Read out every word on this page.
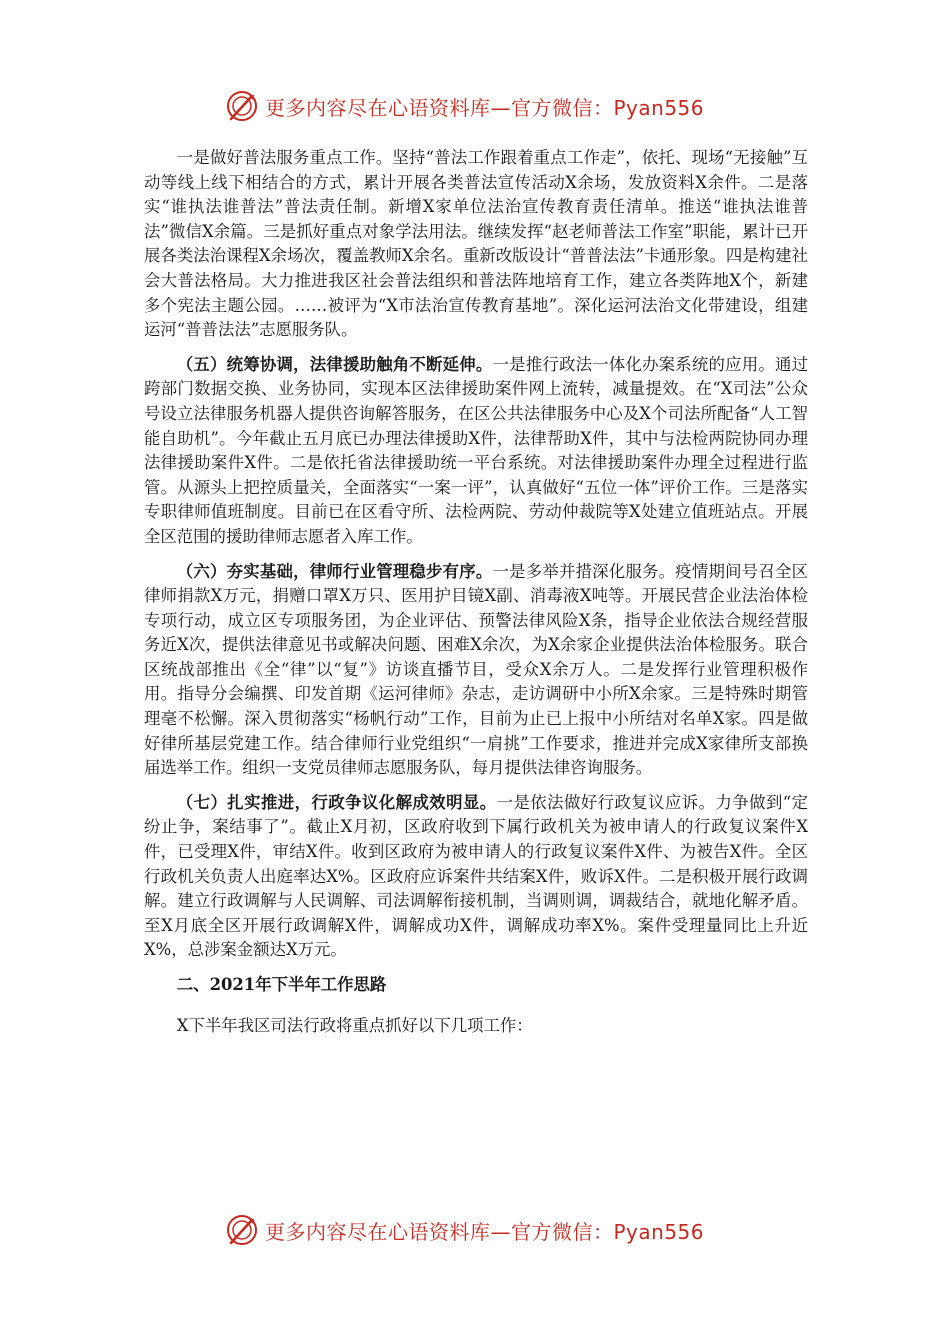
更多内容尽在心语资料库—官方微信：Pyan556

一是做好普法服务重点工作。坚持“普法工作跟着重点工作走”，依托、现场“无接触”互动等线上线下相结合的方式，累计开展各类普法宣传活动X余场，发放资料X余件。二是落实“谁执法谁普法”普法责任制。新增X家单位法治宣传教育责任清单。推送“谁执法谁普法”微信X余篇。三是抓好重点对象学法用法。继续发挥“赵老师普法工作室”职能，累计已开展各类法治课程X余场次，覆盖教师X余名。重新改版设计“普普法法”卡通形象。四是构建社会大普法格局。大力推进我区社会普法组织和普法阵地培育工作，建立各类阵地X个，新建多个宪法主题公园。……被评为“X市法治宣传教育基地”。深化运河法治文化带建设，组建运河“普普法法”志愿服务队。

（五）统筹协调，法律援助触角不断延伸。一是推行政法一体化办案系统的应用。通过跨部门数据交换、业务协同，实现本区法律援助案件网上流转，减量提效。在“X司法”公众号设立法律服务机器人提供咨询解答服务，在区公共法律服务中心及X个司法所配备“人工智能自助机”。今年截止五月底已办理法律援助X件，法律帮助X件，其中与法检两院协同办理法律援助案件X件。二是依托省法律援助统一平台系统。对法律援助案件办理全过程进行监管。从源头上把控质量关，全面落实“一案一评”，认真做好“五位一体”评价工作。三是落实专职律师值班制度。目前已在区看守所、法检两院、劳动仲裁院等X处建立值班站点。开展全区范围的援助律师志愿者入库工作。

（六）夯实基础，律师行业管理稳步有序。一是多举并措深化服务。疫情期间号召全区律师捐款X万元，捐赠口罩X万只、医用护目镜X副、消毒液X吨等。开展民营企业法治体检专项行动，成立区专项服务团，为企业评估、预警法律风险X条，指导企业依法合规经营服务近X次，提供法律意见书或解决问题、困难X余次，为X余家企业提供法治体检服务。联合区统战部推出《全“律”以“复”》访谈直播节目，受众X余万人。二是发挥行业管理积极作用。指导分会编撰、印发首期《运河律师》杂志，走访调研中小所X余家。三是特殊时期管理毫不松懈。深入贯彻落实“杨帆行动”工作，目前为止已上报中小所结对名单X家。四是做好律所基层党建工作。结合律师行业党组织“一肩挑”工作要求，推进并完成X家律所支部换届选举工作。组织一支党员律师志愿服务队，每月提供法律咨询服务。

（七）扎实推进，行政争议化解成效明显。一是依法做好行政复议应诉。力争做到“定纷止争，案结事了”。截止X月初，区政府收到下属行政机关为被申请人的行政复议案件X件，已受理X件，审结X件。收到区政府为被申请人的行政复议案件X件、为被告X件。全区行政机关负责人出庭率达X%。区政府应诉案件共结案X件，败诉X件。二是积极开展行政调解。建立行政调解与人民调解、司法调解衔接机制，当调则调，调裁结合，就地化解矛盾。至X月底全区开展行政调解X件，调解成功X件，调解成功率X%。案件受理量同比上升近X%，总涉案金额达X万元。

二、2021年下半年工作思路

X下半年我区司法行政将重点抓好以下几项工作：

更多内容尽在心语资料库—官方微信：Pyan556
